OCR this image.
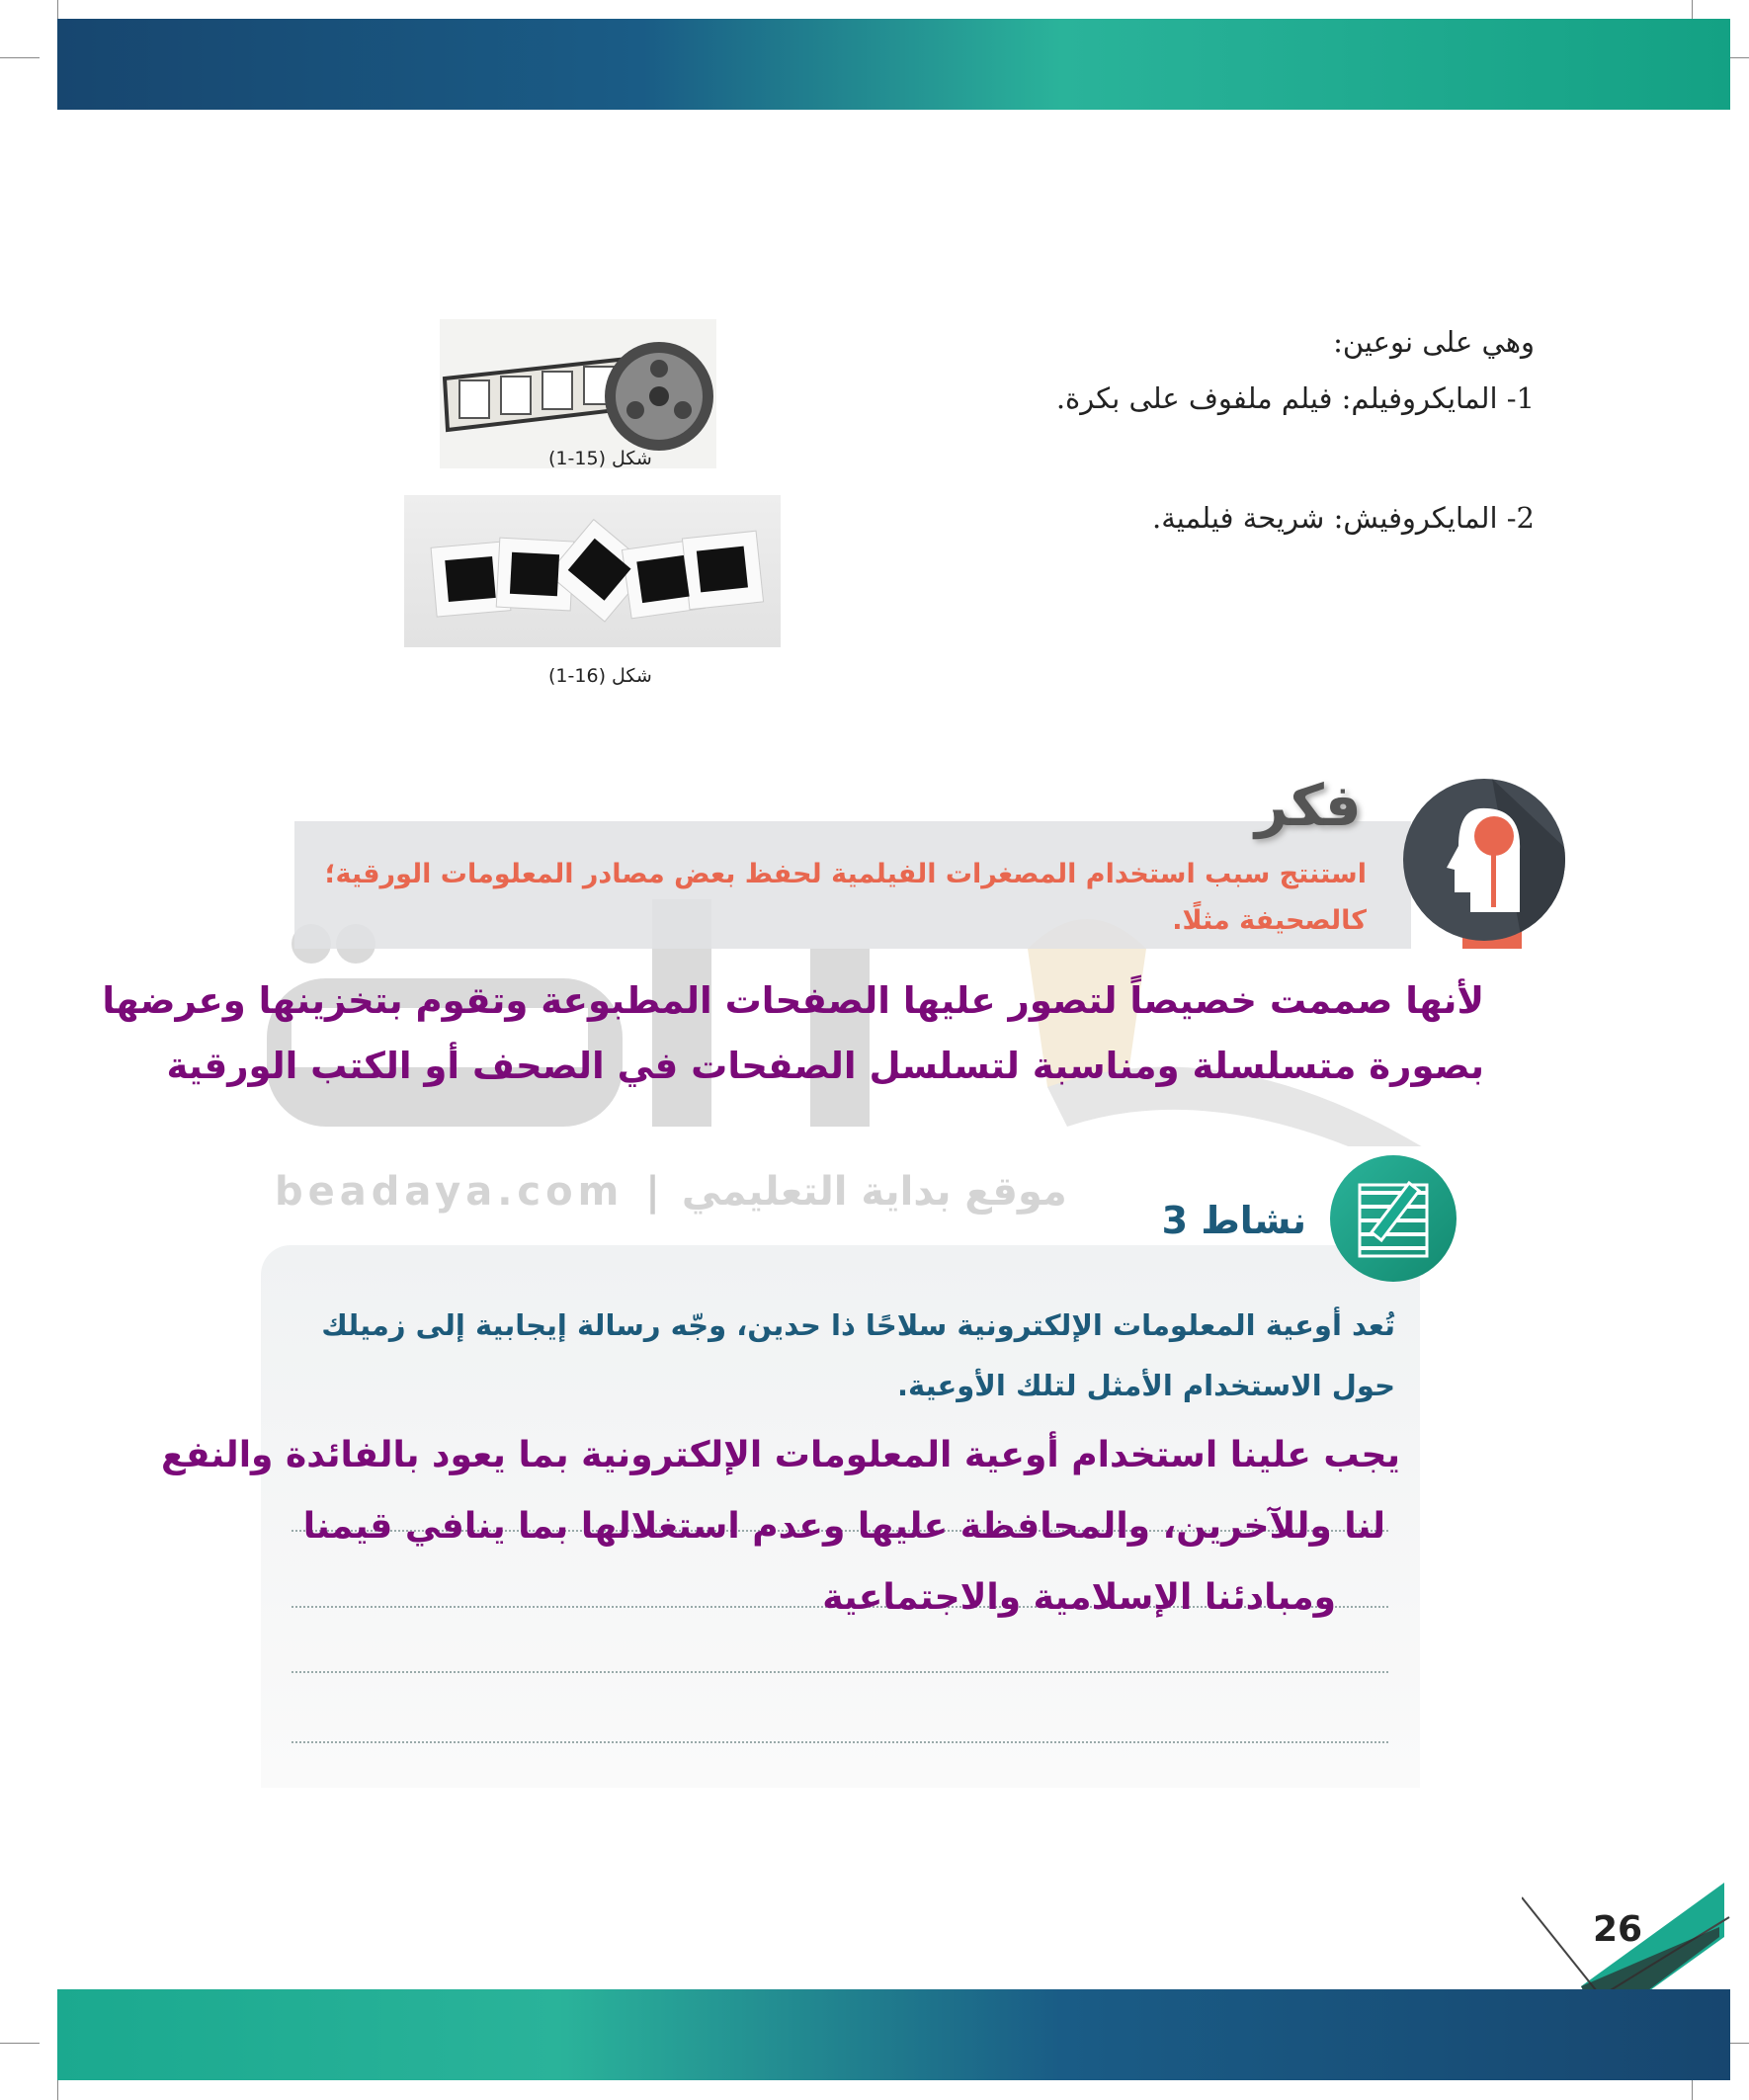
وهي على نوعين:
1- المايكروفيلم: فيلم ملفوف على بكرة.
2- المايكروفيش: شريحة فيلمية.
شكل (15-1)
شكل (16-1)
beadaya.com | موقع بداية التعليمي
فكر
استنتج سبب استخدام المصغرات الفيلمية لحفظ بعض مصادر المعلومات الورقية؛
كالصحيفة مثلًا.
لأنها صممت خصيصاً لتصور عليها الصفحات المطبوعة وتقوم بتخزينها وعرضها
بصورة متسلسلة ومناسبة لتسلسل الصفحات في الصحف أو الكتب الورقية
نشاط 3
تُعد أوعية المعلومات الإلكترونية سلاحًا ذا حدين، وجّه رسالة إيجابية إلى زميلك
حول الاستخدام الأمثل لتلك الأوعية.
يجب علينا استخدام أوعية المعلومات الإلكترونية بما يعود بالفائدة والنفع
لنا وللآخرين، والمحافظة عليها وعدم استغلالها بما ينافي قيمنا
ومبادئنا الإسلامية والاجتماعية
26
